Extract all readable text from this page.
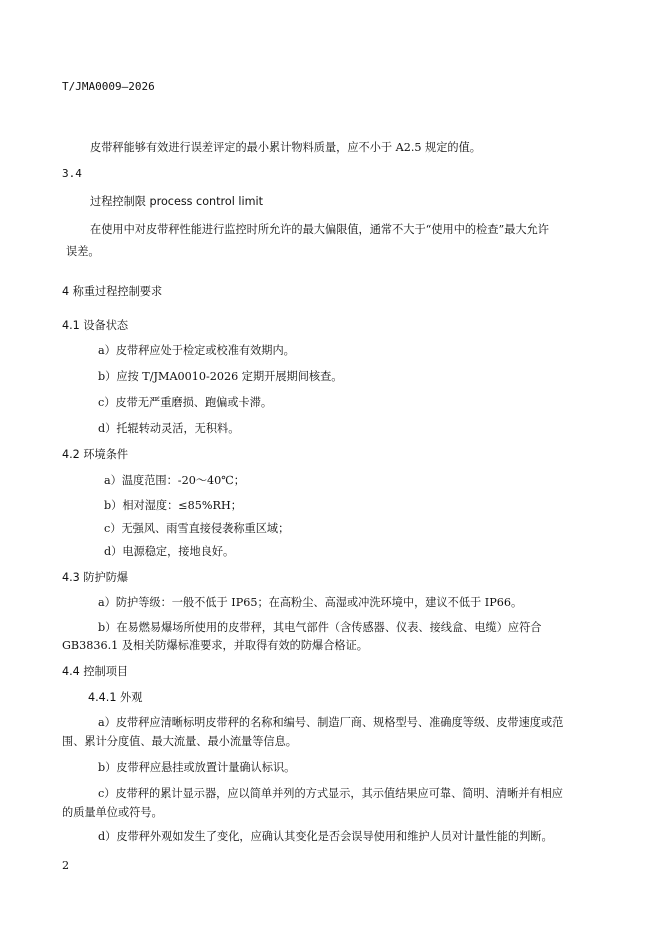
T/JMA0009—2026
皮带秤能够有效进行误差评定的最小累计物料质量，应不小于 A2.5 规定的值。
3.4
过程控制限 process control limit
在使用中对皮带秤性能进行监控时所允许的最大偏限值，通常不大于“使用中的检查”最大允许
误差。
4 称重过程控制要求
4.1 设备状态
a）皮带秤应处于检定或校准有效期内。
b）应按 T/JMA0010-2026 定期开展期间核查。
c）皮带无严重磨损、跑偏或卡滞。
d）托辊转动灵活，无积料。
4.2 环境条件
a）温度范围：-20～40℃；
b）相对湿度：≤85%RH；
c）无强风、雨雪直接侵袭称重区域；
d）电源稳定，接地良好。
4.3 防护防爆
a）防护等级：一般不低于 IP65；在高粉尘、高湿或冲洗环境中，建议不低于 IP66。
b）在易燃易爆场所使用的皮带秤，其电气部件（含传感器、仪表、接线盒、电缆）应符合
GB3836.1 及相关防爆标准要求，并取得有效的防爆合格证。
4.4 控制项目
4.4.1 外观
a）皮带秤应清晰标明皮带秤的名称和编号、制造厂商、规格型号、准确度等级、皮带速度或范
围、累计分度值、最大流量、最小流量等信息。
b）皮带秤应悬挂或放置计量确认标识。
c）皮带秤的累计显示器，应以简单并列的方式显示，其示值结果应可靠、简明、清晰并有相应
的质量单位或符号。
d）皮带秤外观如发生了变化，应确认其变化是否会误导使用和维护人员对计量性能的判断。
2
